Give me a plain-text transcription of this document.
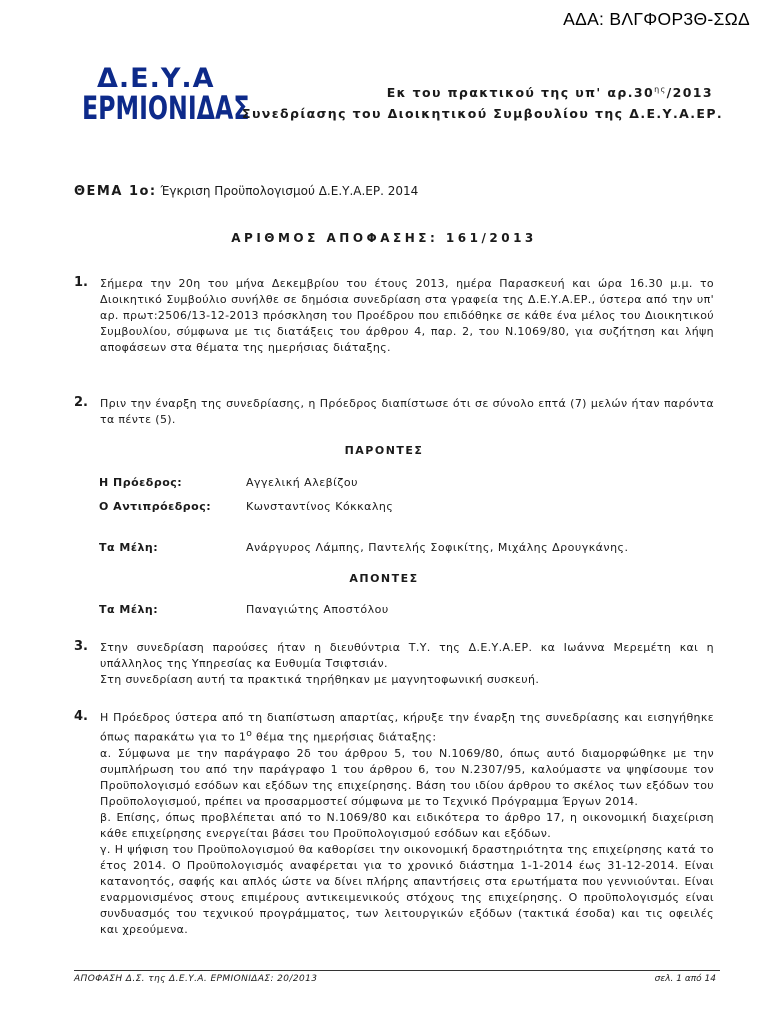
ΑΔΑ: ΒΛΓΦΟΡ3Θ-ΣΩΔ
Δ.Ε.Υ.Α
ΕΡΜΙΟΝΙΔΑΣ	Εκ του πρακτικού της υπ' $\alpha\rho.30^{\eta\varsigma}/2013$
Συνεδρίασης του Διοικητικού Συμβουλίου της Δ.Ε.Υ.Α.ΕΡ.
ΘΕΜΑ 1ο: Έγκριση Προϋπολογισμού Δ.Ε.Υ.Α.ΕΡ. 2014
ΑΡΙΘΜΟΣ ΑΠΟΦΑΣΗΣ: 161/2013
1. Σήμερα την 20η του μήνα Δεκεμβρίου του έτους 2013, ημέρα Παρασκευή και ώρα 16.30 μ.μ. το Διοικητικό Συμβούλιο συνήλθε σε δημόσια συνεδρίαση στα γραφεία της Δ.Ε.Υ.Α.ΕΡ., ύστερα από την υπ' αρ. πρωτ:2506/13-12-2013 πρόσκληση του Προέδρου που επιδόθηκε σε κάθε ένα μέλος του Διοικητικού Συμβουλίου, σύμφωνα με τις διατάξεις του άρθρου 4, παρ. 2, του Ν.1069/80, για συζήτηση και λήψη αποφάσεων στα θέματα της ημερήσιας διάταξης.
2. Πριν την έναρξη της συνεδρίασης, η Πρόεδρος διαπίστωσε ότι σε σύνολο επτά (7) μελών ήταν παρόντα τα πέντε (5).
ΠΑΡΟΝΤΕΣ
Η Πρόεδρος:	Αγγελική Αλεβίζου
Ο Αντιπρόεδρος:	Κωνσταντίνος Κόκκαλης
Τα Μέλη:	Ανάργυρος Λάμπης, Παντελής Σοφικίτης, Μιχάλης Δρουγκάνης.
ΑΠΟΝΤΕΣ
Τα Μέλη:	Παναγιώτης Αποστόλου
3. Στην συνεδρίαση παρούσες ήταν η διευθύντρια Τ.Υ. της Δ.Ε.Υ.Α.ΕΡ. κα Ιωάννα Μερεμέτη και η υπάλληλος της Υπηρεσίας κα Ευθυμία Τσιφτσιάν.

Στη συνεδρίαση αυτή τα πρακτικά τηρήθηκαν με μαγνητοφωνική συσκευή.

4. Η Πρόεδρος ύστερα από τη διαπίστωση απαρτίας, κήρυξε την έναρξη της συνεδρίασης και εισηγήθηκε όπως παρακάτω για το $1^o$ θέμα της ημερήσιας διάταξης:

α. Σύμφωνα με την παράγραφο 2δ του άρθρου 5, του Ν.1069/80, όπως αυτό διαμορφώθηκε με την συμπλήρωση του από την παράγραφο 1 του άρθρου 6, του Ν.2307/95, καλούμαστε να ψηφίσουμε τον Προϋπολογισμό εσόδων και εξόδων της επιχείρησης. Βάση του ιδίου άρθρου το σκέλος των εξόδων του Προϋπολογισμού, πρέπει να προσαρμοστεί σύμφωνα με το Τεχνικό Πρόγραμμα Έργων 2014.

β. Επίσης, όπως προβλέπεται από το Ν.1069/80 και ειδικότερα το άρθρο 17, η οικονομική διαχείριση κάθε επιχείρησης ενεργείται βάσει του Προϋπολογισμού εσόδων και εξόδων.

γ. Η ψήφιση του Προϋπολογισμού θα καθορίσει την οικονομική δραστηριότητα της επιχείρησης κατά το έτος 2014. Ο Προϋπολογισμός αναφέρεται για το χρονικό διάστημα 1-1-2014 έως 31-12-2014. Είναι κατανοητός, σαφής και απλός ώστε να δίνει πλήρης απαντήσεις στα ερωτήματα που γεννιούνται. Είναι εναρμονισμένος στους επιμέρους αντικειμενικούς στόχους της επιχείρησης. Ο προϋπολογισμός είναι συνδυασμός του τεχνικού προγράμματος, των λειτουργικών εξόδων (τακτικά έσοδα) και τις οφειλές και χρεούμενα.

ΑΠΟΦΑΣΗ Δ.Σ. της Δ.Ε.Υ.Α. ΕΡΜΙΟΝΙΔΑΣ: 20/2013	σελ. 1 από 14
